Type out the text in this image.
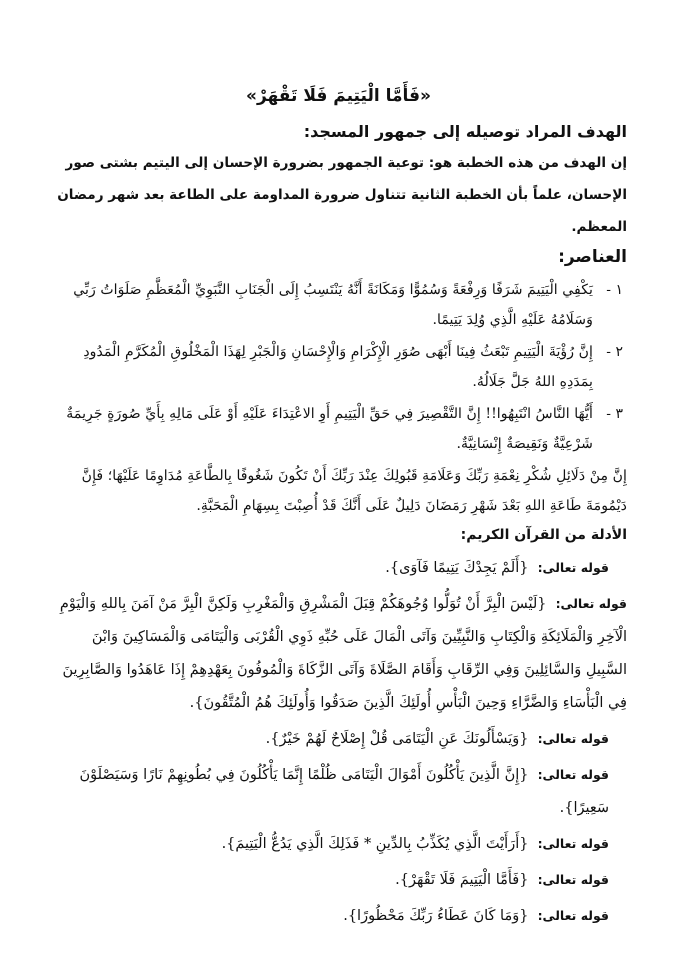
«فَأَمَّا الْيَتِيمَ فَلَا تَقْهَرْ»
الهدف المراد توصيله إلى جمهور المسجد:
إن الهدف من هذه الخطبة هو: توعية الجمهور بضرورة الإحسان إلى اليتيم بشتى صور الإحسان، علماً بأن الخطبة الثانية تتناول ضرورة المداومة على الطاعة بعد شهر رمضان المعظم.
العناصر:
١ -
يَكْفِي الْيَتِيمَ شَرَفًا وَرِفْعَةً وَسُمُوًّا وَمَكَانَةً أَنَّهُ يَنْتَسِبُ إِلَى الْجَنَابِ النَّبَوِيِّ الْمُعَظَّمِ صَلَوَاتُ رَبِّي وَسَلَامُهُ عَلَيْهِ الَّذِي وُلِدَ يَتِيمًا.
٢ -
إِنَّ رُؤْيَةَ الْيَتِيمِ تَبْعَثُ فِينَا أَبْهَى صُوَرِ الْإِكْرَامِ وَالْإِحْسَانِ وَالْجَبْرِ لِهَذَا الْمَخْلُوقِ الْمُكَرَّمِ الْمَدُودِ بِمَدَدِهِ اللهُ جَلَّ جَلَالُهُ.
٣ -
أَيُّهَا النَّاسُ انْتَبِهُوا!! إِنَّ التَّقْصِيرَ فِي حَقِّ الْيَتِيمِ أَوِ الاعْتِدَاءَ عَلَيْهِ أَوْ عَلَى مَالِهِ بِأَيِّ صُورَةٍ جَرِيمَةٌ شَرْعِيَّةٌ وَنَقِيصَةٌ إِنْسَانِيَّةٌ.
إِنَّ مِنْ دَلَائِلِ شُكْرِ نِعْمَةِ رَبِّكَ وَعَلَامَةِ قَبُولِكَ عِنْدَ رَبِّكَ أَنْ تَكُونَ شَغُوفًا بِالطَّاعَةِ مُدَاوِمًا عَلَيْهَا؛ فَإِنَّ دَيْمُومَةَ طَاعَةِ اللهِ بَعْدَ شَهْرِ رَمَضَانَ دَلِيلٌ عَلَى أَنَّكَ قَدْ أُصِبْتَ بِسِهَامِ الْمَحَبَّةِ.
الأدلة من القرآن الكريم:
قوله تعالى: {أَلَمْ يَجِدْكَ يَتِيمًا فَآوَى}.
قوله تعالى: {لَيْسَ الْبِرَّ أَنْ تُوَلُّوا وُجُوهَكُمْ قِبَلَ الْمَشْرِقِ وَالْمَغْرِبِ وَلَكِنَّ الْبِرَّ مَنْ آمَنَ بِاللهِ وَالْيَوْمِ الْآخِرِ وَالْمَلَائِكَةِ وَالْكِتَابِ وَالنَّبِيِّينَ وَآتَى الْمَالَ عَلَى حُبِّهِ ذَوِي الْقُرْبَى وَالْيَتَامَى وَالْمَسَاكِينَ وَابْنَ السَّبِيلِ وَالسَّائِلِينَ وَفِي الرِّقَابِ وَأَقَامَ الصَّلَاةَ وَآتَى الزَّكَاةَ وَالْمُوفُونَ بِعَهْدِهِمْ إِذَا عَاهَدُوا وَالصَّابِرِينَ فِي الْبَأْسَاءِ وَالضَّرَّاءِ وَحِينَ الْبَأْسِ أُولَئِكَ الَّذِينَ صَدَقُوا وَأُولَئِكَ هُمُ الْمُتَّقُونَ}.
قوله تعالى: {وَيَسْأَلُونَكَ عَنِ الْيَتَامَى قُلْ إِصْلَاحٌ لَهُمْ خَيْرٌ}.
قوله تعالى: {إِنَّ الَّذِينَ يَأْكُلُونَ أَمْوَالَ الْيَتَامَى ظُلْمًا إِنَّمَا يَأْكُلُونَ فِي بُطُونِهِمْ نَارًا وَسَيَصْلَوْنَ سَعِيرًا}.
قوله تعالى: {أَرَأَيْتَ الَّذِي يُكَذِّبُ بِالدِّينِ * فَذَلِكَ الَّذِي يَدُعُّ الْيَتِيمَ}.
قوله تعالى: {فَأَمَّا الْيَتِيمَ فَلَا تَقْهَرْ}.
قوله تعالى: {وَمَا كَانَ عَطَاءُ رَبِّكَ مَحْظُورًا}.
